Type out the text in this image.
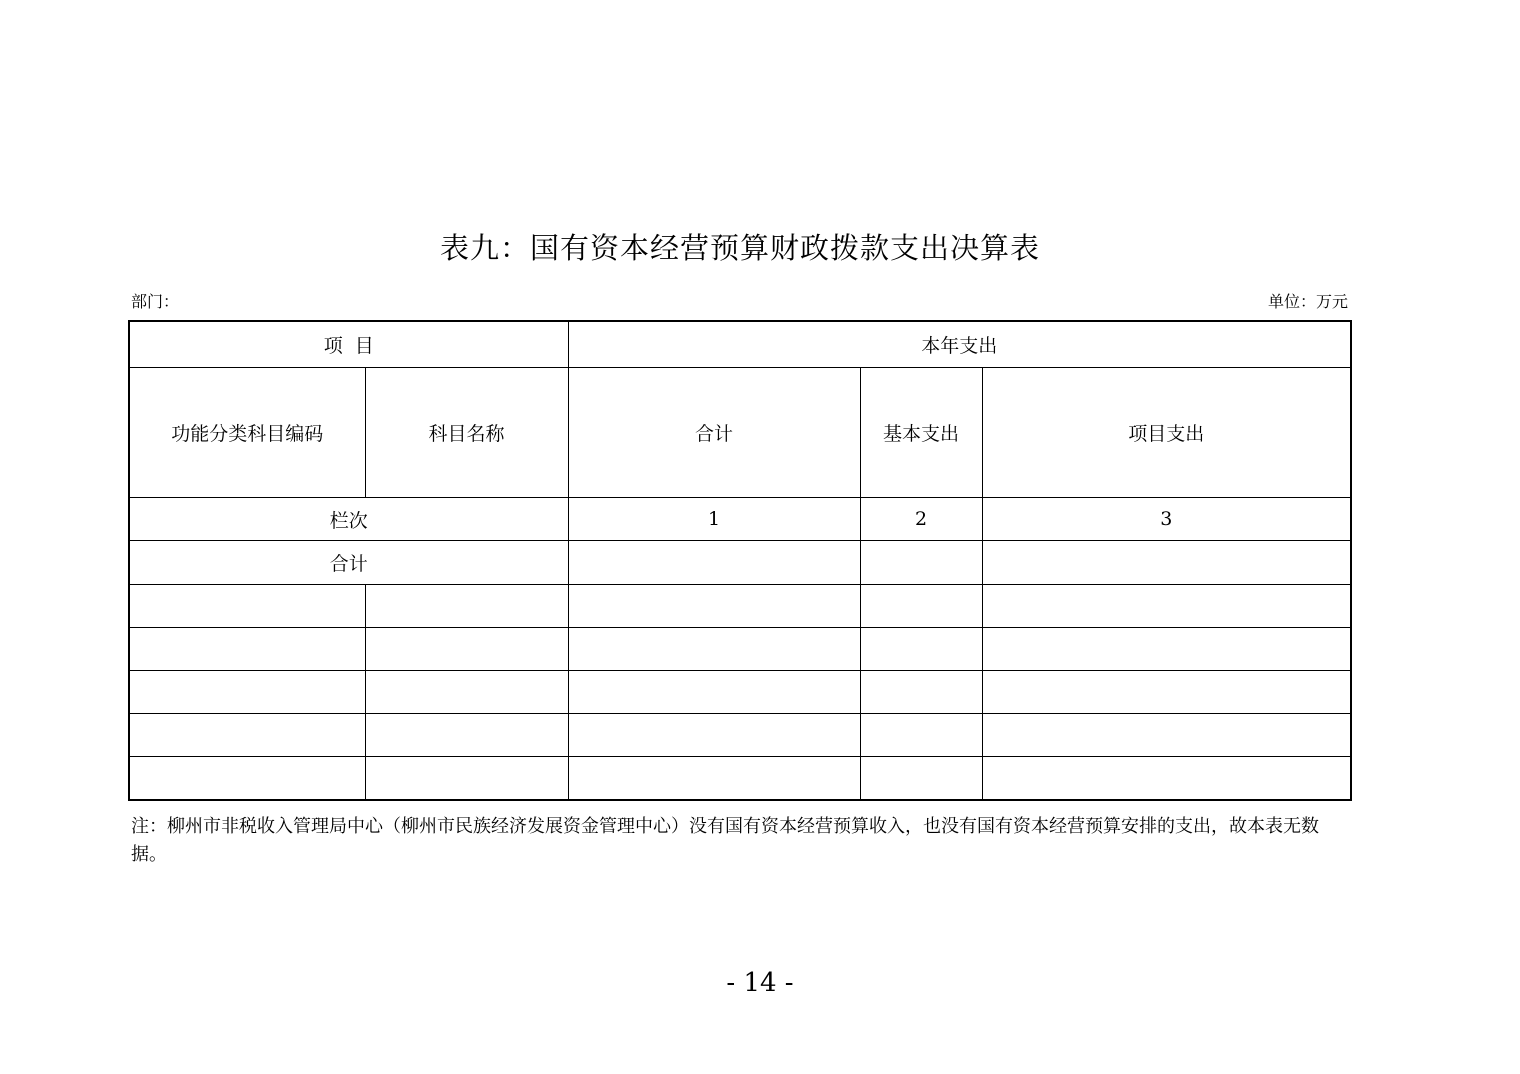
表九：国有资本经营预算财政拨款支出决算表
部门：	单位：万元
项  目		本年支出		
功能分类科目编码	科目名称	合计	基本支出	项目支出
栏次		1	2	3
合计				

注：柳州市非税收入管理局中心（柳州市民族经济发展资金管理中心）没有国有资本经营预算收入，也没有国有资本经营预算安排的支出，故本表无数据。
- 14 -
